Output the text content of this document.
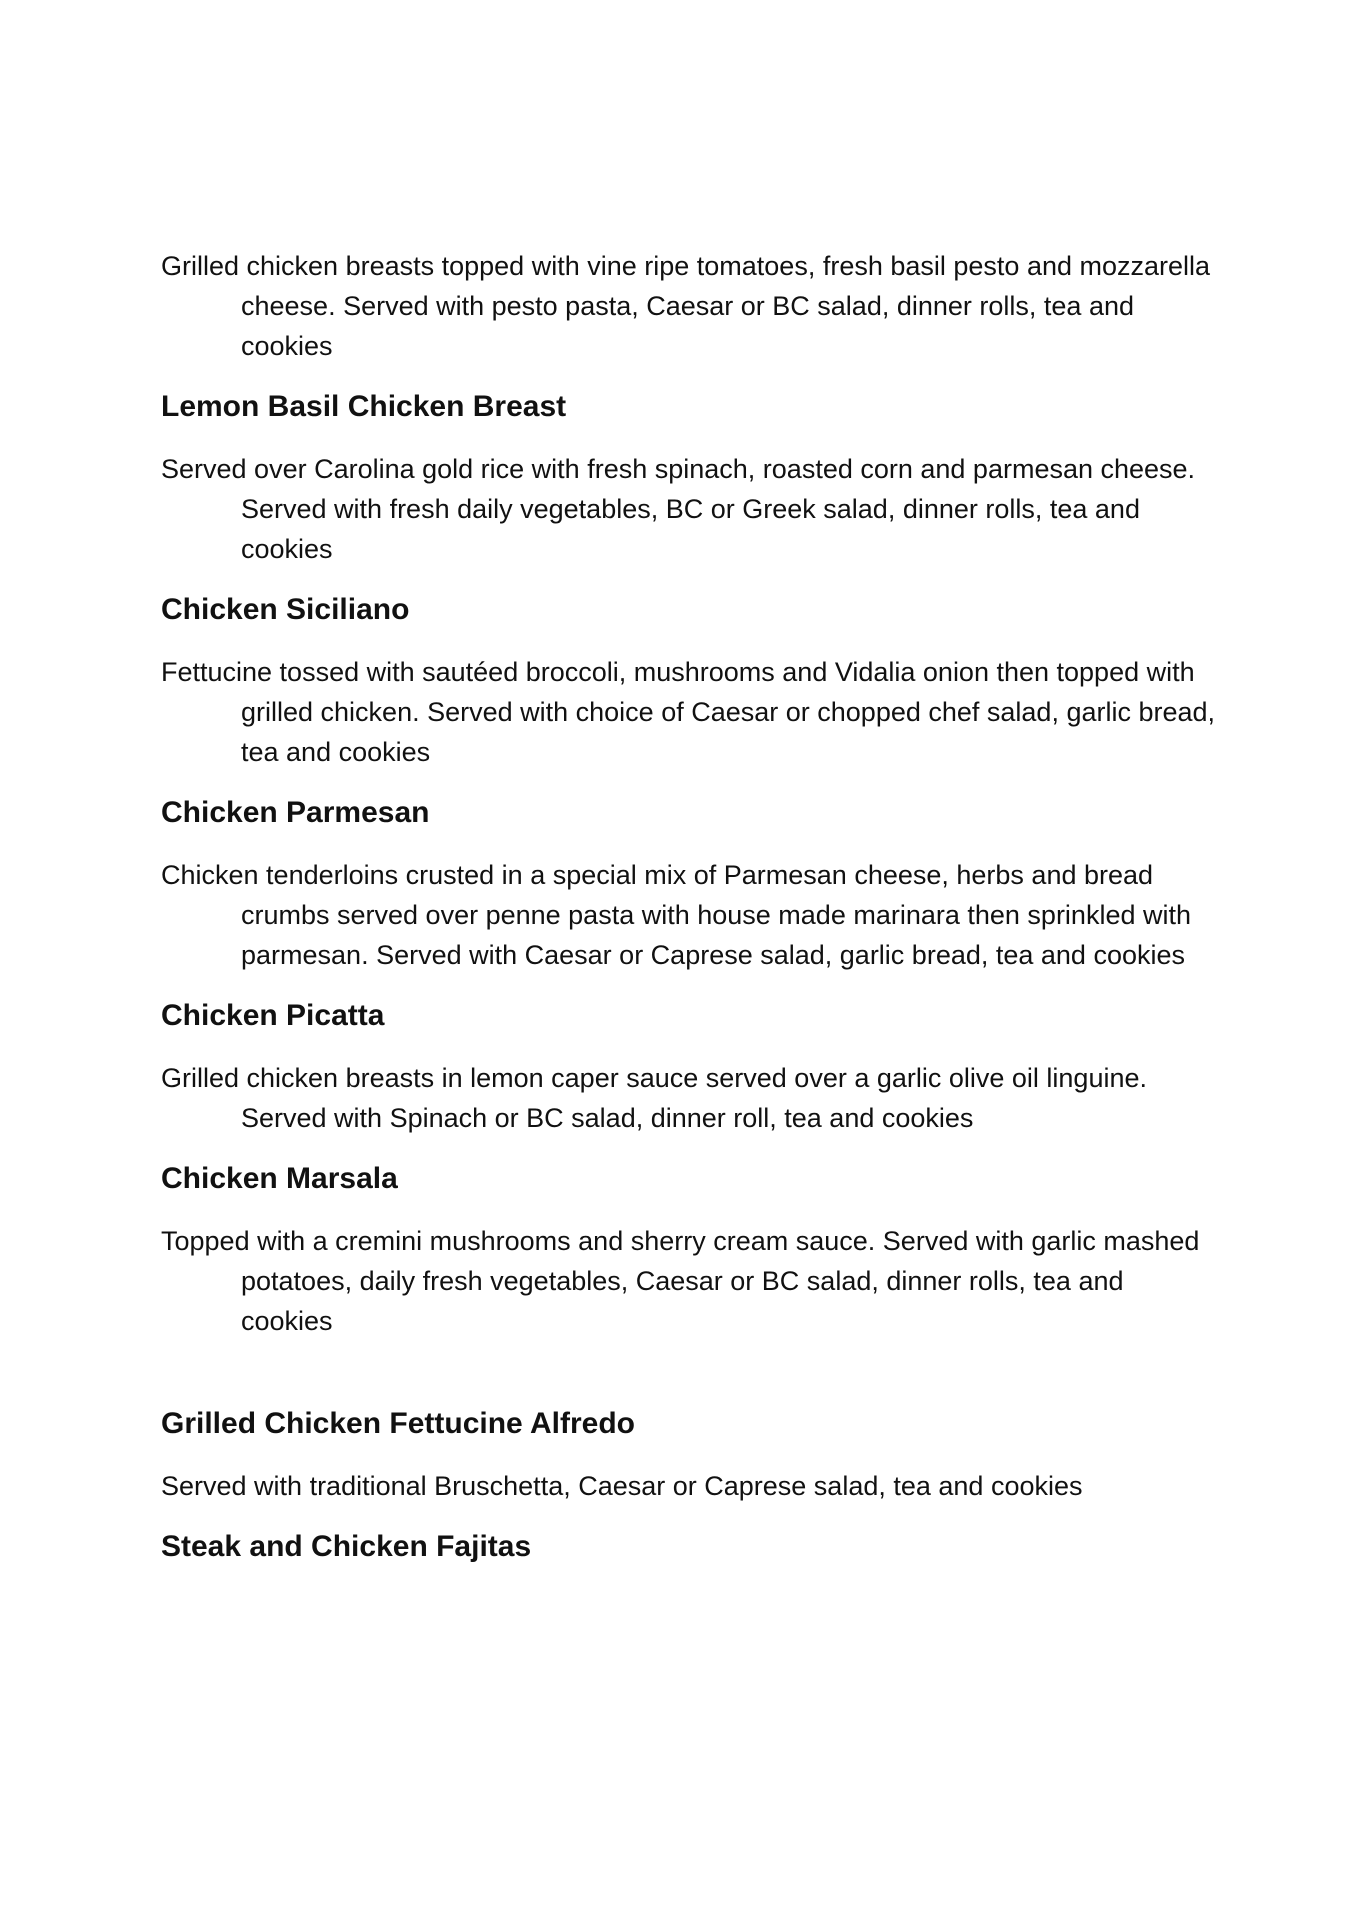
Grilled chicken breasts topped with vine ripe tomatoes, fresh basil pesto and mozzarella cheese. Served with pesto pasta, Caesar or BC salad, dinner rolls, tea and cookies

Lemon Basil Chicken Breast

Served over Carolina gold rice with fresh spinach, roasted corn and parmesan cheese. Served with fresh daily vegetables, BC or Greek salad, dinner rolls, tea and cookies

Chicken Siciliano

Fettucine tossed with sautéed broccoli, mushrooms and Vidalia onion then topped with grilled chicken. Served with choice of Caesar or chopped chef salad, garlic bread, tea and cookies

Chicken Parmesan

Chicken tenderloins crusted in a special mix of Parmesan cheese, herbs and bread crumbs served over penne pasta with house made marinara then sprinkled with parmesan. Served with Caesar or Caprese salad, garlic bread, tea and cookies

Chicken Picatta

Grilled chicken breasts in lemon caper sauce served over a garlic olive oil linguine. Served with Spinach or BC salad, dinner roll, tea and cookies

Chicken Marsala

Topped with a cremini mushrooms and sherry cream sauce. Served with garlic mashed potatoes, daily fresh vegetables, Caesar or BC salad, dinner rolls, tea and cookies

Grilled Chicken Fettucine Alfredo

Served with traditional Bruschetta, Caesar or Caprese salad, tea and cookies

Steak and Chicken Fajitas
